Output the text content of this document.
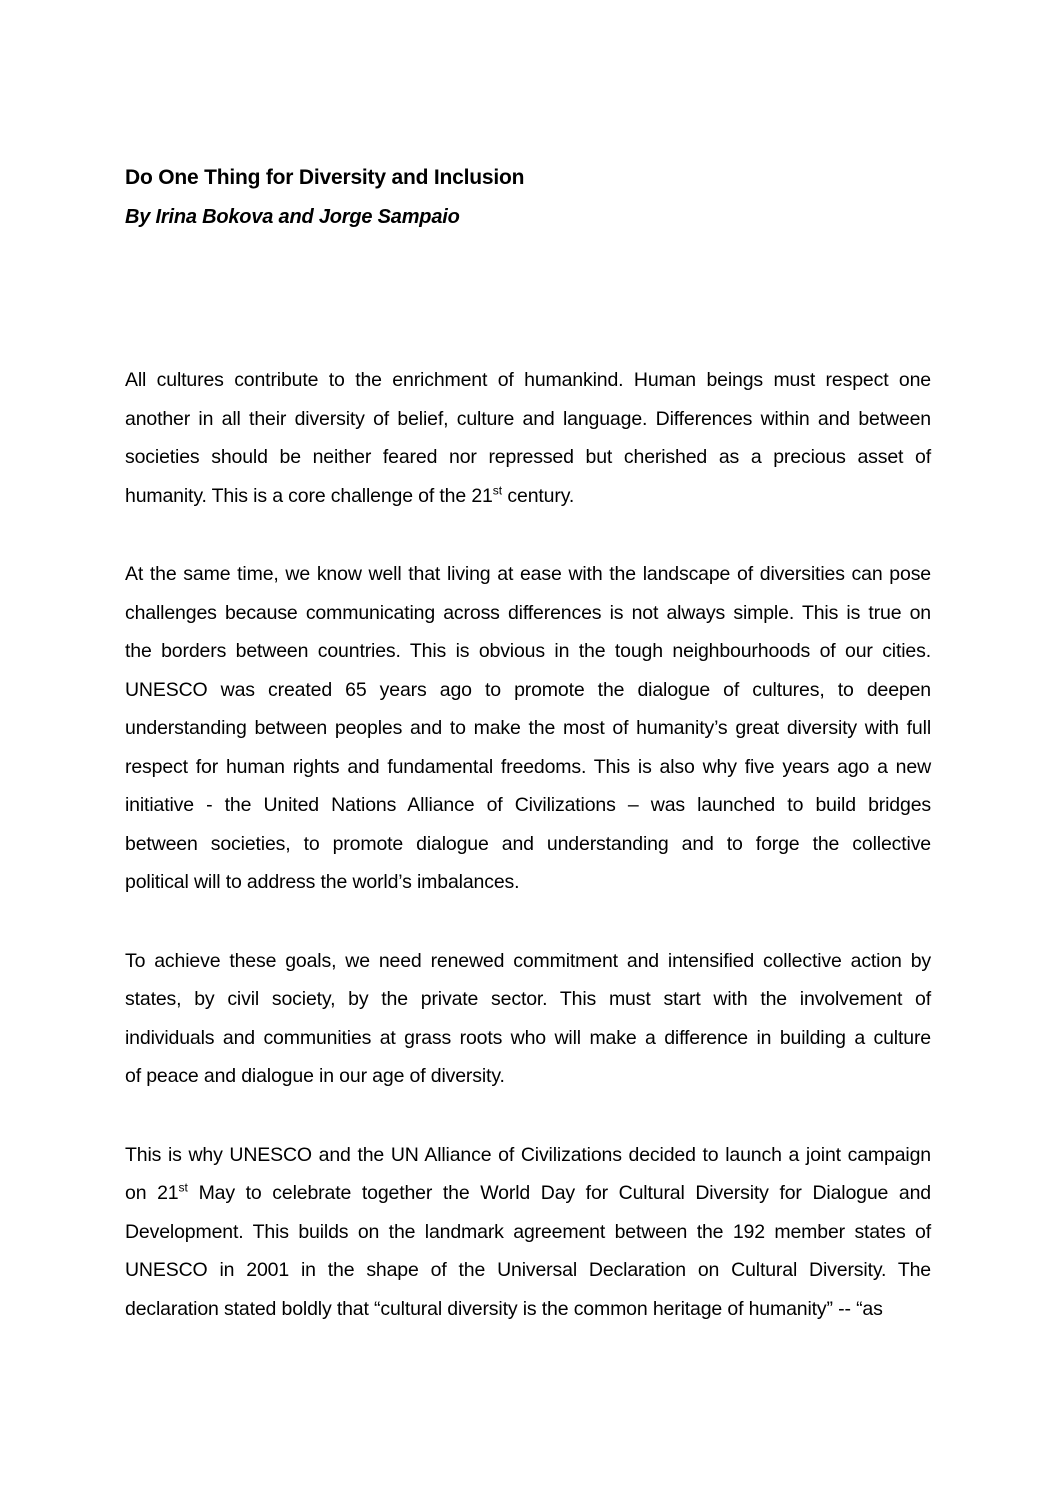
Do One Thing for Diversity and Inclusion
By Irina Bokova and Jorge Sampaio
All cultures contribute to the enrichment of humankind. Human beings must respect one
another in all their diversity of belief, culture and language. Differences within and between
societies should be neither feared nor repressed but cherished as a precious asset of
humanity. This is a core challenge of the 21st century.
At the same time, we know well that living at ease with the landscape of diversities can pose
challenges because communicating across differences is not always simple. This is true on
the borders between countries. This is obvious in the tough neighbourhoods of our cities.
UNESCO was created 65 years ago to promote the dialogue of cultures, to deepen
understanding between peoples and to make the most of humanity’s great diversity with full
respect for human rights and fundamental freedoms. This is also why five years ago a new
initiative - the United Nations Alliance of Civilizations – was launched to build bridges
between societies, to promote dialogue and understanding and to forge the collective
political will to address the world’s imbalances.
To achieve these goals, we need renewed commitment and intensified collective action by
states, by civil society, by the private sector. This must start with the involvement of
individuals and communities at grass roots who will make a difference in building a culture
of peace and dialogue in our age of diversity.
This is why UNESCO and the UN Alliance of Civilizations decided to launch a joint campaign
on 21st May to celebrate together the World Day for Cultural Diversity for Dialogue and
Development. This builds on the landmark agreement between the 192 member states of
UNESCO in 2001 in the shape of the Universal Declaration on Cultural Diversity. The
declaration stated boldly that “cultural diversity is the common heritage of humanity” -- “as
